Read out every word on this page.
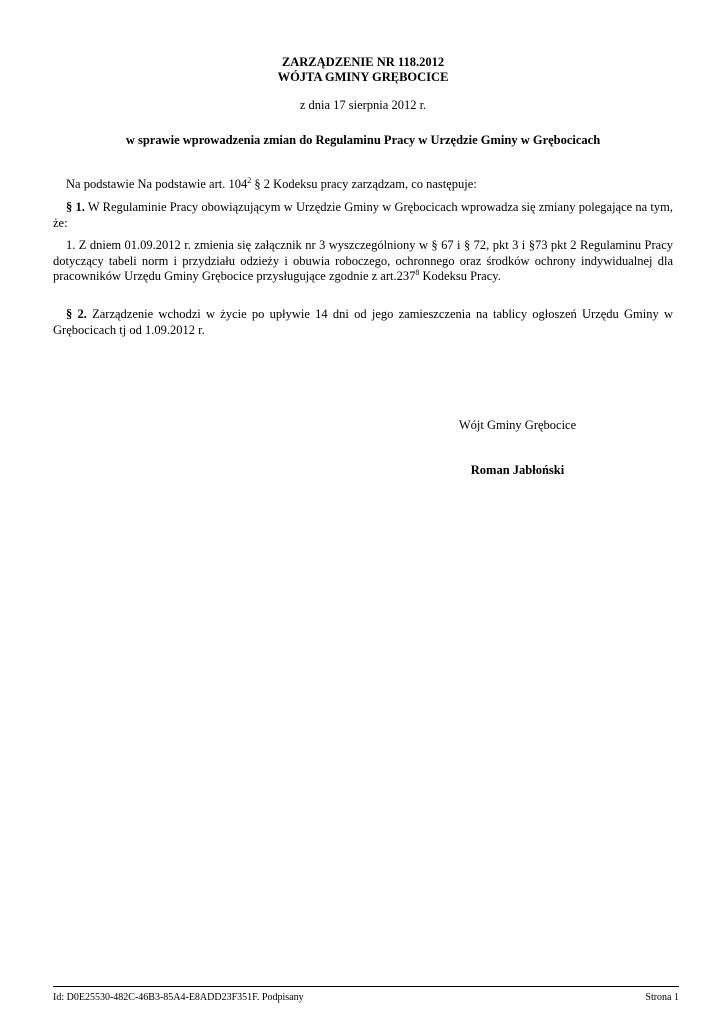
ZARZĄDZENIE NR 118.2012
WÓJTA GMINY GRĘBOCICE
z dnia 17 sierpnia 2012 r.
w sprawie wprowadzenia zmian do Regulaminu Pracy w Urzędzie Gminy w Grębocicach
Na podstawie Na podstawie art. $104^2$ § 2 Kodeksu pracy zarządzam, co następuje:
§ 1. W Regulaminie Pracy obowiązującym w Urzędzie Gminy w Grębocicach wprowadza się zmiany polegające na tym, że:
1. Z dniem 01.09.2012 r. zmienia się załącznik nr 3 wyszczególniony w § 67 i § 72, pkt 3 i §73 pkt 2 Regulaminu Pracy dotyczący tabeli norm i przydziału odzieży i obuwia roboczego, ochronnego oraz środków ochrony indywidualnej dla pracowników Urzędu Gminy Grębocice przysługujące zgodnie z art.237$^8$ Kodeksu Pracy.
§ 2. Zarządzenie wchodzi w życie po upływie 14 dni od jego zamieszczenia na tablicy ogłoszeń Urzędu Gminy w Grębocicach tj od 1.09.2012 r.
Wójt Gminy Grębocice
Roman Jabłoński
Id: D0E25530-482C-46B3-85A4-E8ADD23F351F. Podpisany	Strona 1
